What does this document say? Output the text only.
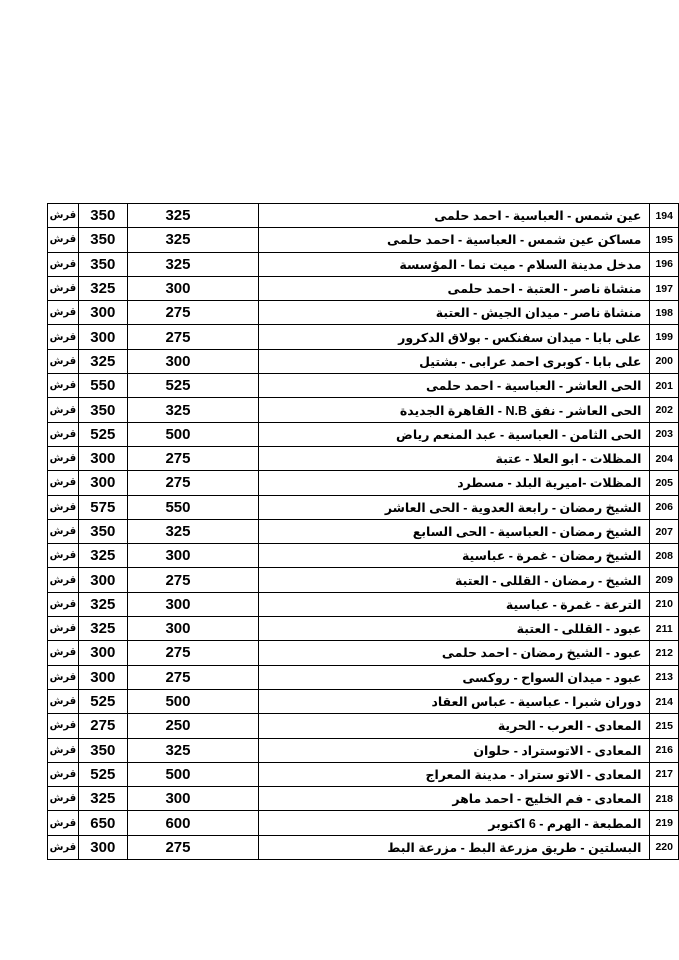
قرش	350	325	عين شمس - العباسية - احمد حلمى	194
قرش	350	325	مساكن عين شمس - العباسية - احمد حلمى	195
قرش	350	325	مدخل مدينة السلام - ميت نما - المؤسسة	196
قرش	325	300	منشاة ناصر - العتبة - احمد حلمى	197
قرش	300	275	منشاة ناصر - ميدان الجيش - العتبة	198
قرش	300	275	على بابا - ميدان سفنكس - بولاق الدكرور	199
قرش	325	300	على بابا - كوبرى احمد عرابى - بشتيل	200
قرش	550	525	الحى العاشر - العباسية - احمد حلمى	201
قرش	350	325	الحى العاشر - نفق N.B - القاهرة الجديدة	202
قرش	525	500	الحى الثامن - العباسية - عبد المنعم رياض	203
قرش	300	275	المظلات - ابو العلا - عتبة	204
قرش	300	275	المظلات -اميرية البلد - مسطرد	205
قرش	575	550	الشيخ رمضان - رابعة العدوية - الحى العاشر	206
قرش	350	325	الشيخ رمضان - العباسية - الحى السابع	207
قرش	325	300	الشيخ رمضان - غمرة - عباسية	208
قرش	300	275	الشيخ - رمضان - القللى - العتبة	209
قرش	325	300	الترعة - غمرة - عباسية	210
قرش	325	300	عبود - القللى - العتبة	211
قرش	300	275	عبود - الشيخ رمضان - احمد حلمى	212
قرش	300	275	عبود - ميدان السواح - روكسى	213
قرش	525	500	دوران شبرا - عباسية - عباس العقاد	214
قرش	275	250	المعادى - العرب - الحرية	215
قرش	350	325	المعادى - الاتوستراد - حلوان	216
قرش	525	500	المعادى - الاتو ستراد - مدينة المعراج	217
قرش	325	300	المعادى - فم الخليج - احمد ماهر	218
قرش	650	600	المطبعة - الهرم - 6 اكتوبر	219
قرش	300	275	البسلتين - طريق مزرعة البط - مزرعة البط	220
